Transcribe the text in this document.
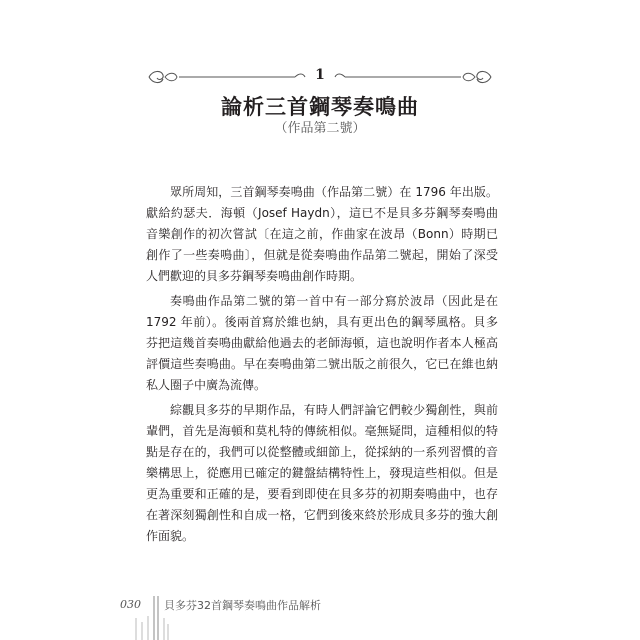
1
論析三首鋼琴奏鳴曲
（作品第二號）

眾所周知，三首鋼琴奏鳴曲（作品第二號）在 1796 年出版。獻給約瑟夫．海頓（Josef Haydn），這已不是貝多芬鋼琴奏鳴曲音樂創作的初次嘗試〔在這之前，作曲家在波昂（Bonn）時期已創作了一些奏鳴曲〕，但就是從奏鳴曲作品第二號起，開始了深受人們歡迎的貝多芬鋼琴奏鳴曲創作時期。

奏鳴曲作品第二號的第一首中有一部分寫於波昂（因此是在 1792 年前）。後兩首寫於維也納，具有更出色的鋼琴風格。貝多芬把這幾首奏鳴曲獻給他過去的老師海頓，這也說明作者本人極高評價這些奏鳴曲。早在奏鳴曲第二號出版之前很久，它已在維也納私人圈子中廣為流傳。

綜觀貝多芬的早期作品，有時人們評論它們較少獨創性，與前輩們，首先是海頓和莫札特的傳統相似。毫無疑問，這種相似的特點是存在的，我們可以從整體或細節上，從採納的一系列習慣的音樂構思上，從應用已確定的鍵盤結構特性上，發現這些相似。但是更為重要和正確的是，要看到即使在貝多芬的初期奏鳴曲中，也存在著深刻獨創性和自成一格，它們到後來終於形成貝多芬的強大創作面貌。

030 貝多芬32首鋼琴奏鳴曲作品解析
